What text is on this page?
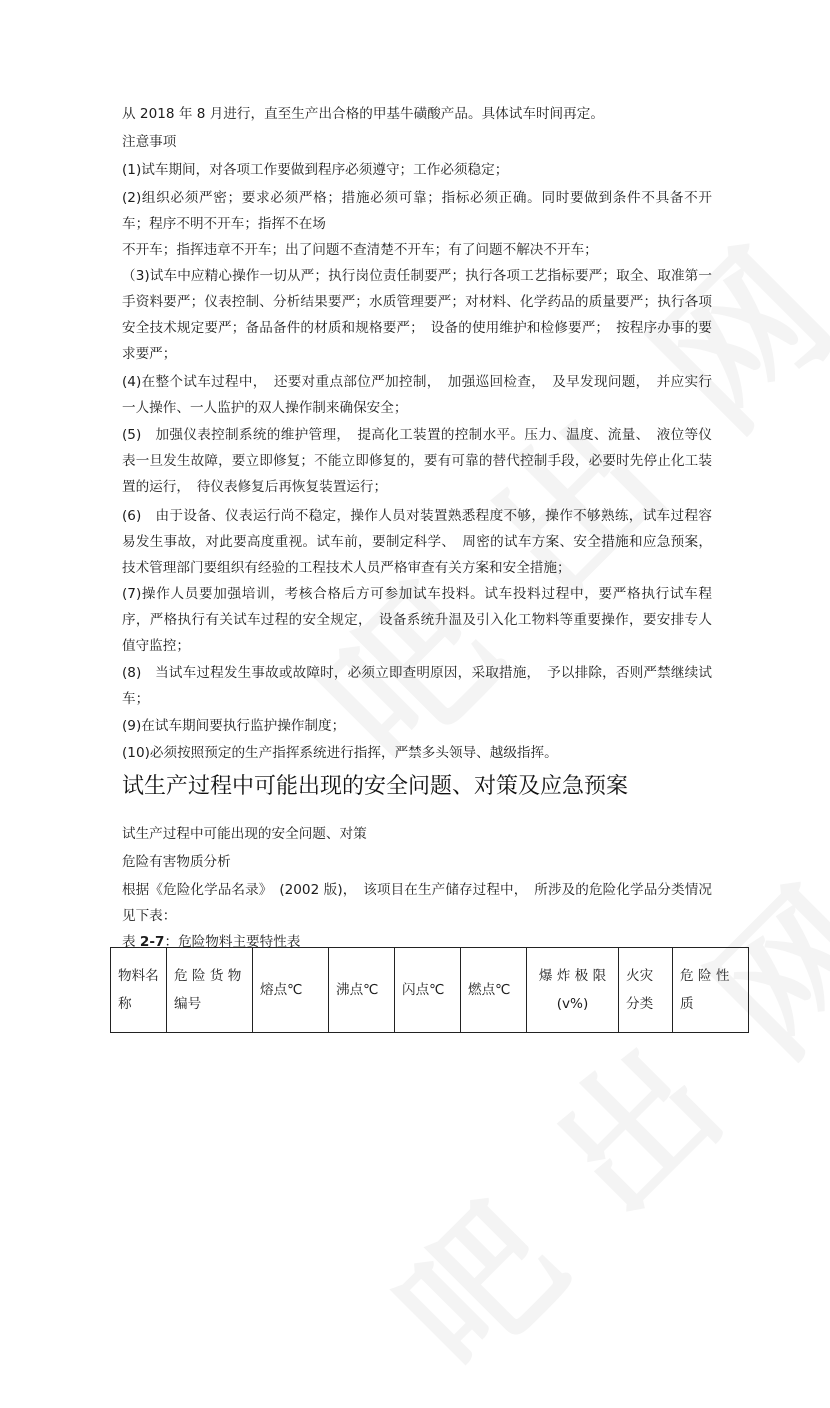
从 2018 年 8 月进行，直至生产出合格的甲基牛磺酸产品。具体试车时间再定。

注意事项

(1)试车期间，对各项工作要做到程序必须遵守；工作必须稳定；

(2)组织必须严密；要求必须严格；措施必须可靠；指标必须正确。同时要做到条件不具备不开车；程序不明不开车；指挥不在场

不开车；指挥违章不开车；出了问题不查清楚不开车；有了问题不解决不开车；

（3)试车中应精心操作一切从严；执行岗位责任制要严；执行各项工艺指标要严；取全、取准第一手资料要严；仪表控制、分析结果要严；水质管理要严；对材料、化学药品的质量要严；执行各项安全技术规定要严；备品备件的材质和规格要严；　设备的使用维护和检修要严；　按程序办事的要求要严；

(4)在整个试车过程中，　还要对重点部位严加控制，　加强巡回检查，　及早发现问题，　并应实行一人操作、一人监护的双人操作制来确保安全；

(5)　加强仪表控制系统的维护管理，　提高化工装置的控制水平。压力、温度、流量、　液位等仪表一旦发生故障，要立即修复；不能立即修复的，要有可靠的替代控制手段，必要时先停止化工装置的运行，　待仪表修复后再恢复装置运行；

(6)　由于设备、仪表运行尚不稳定，操作人员对装置熟悉程度不够，操作不够熟练，试车过程容易发生事故，对此要高度重视。试车前，要制定科学、　周密的试车方案、安全措施和应急预案，技术管理部门要组织有经验的工程技术人员严格审查有关方案和安全措施；

(7)操作人员要加强培训，考核合格后方可参加试车投料。试车投料过程中，要严格执行试车程序，严格执行有关试车过程的安全规定，　设备系统升温及引入化工物料等重要操作，要安排专人值守监控；

(8)　当试车过程发生事故或故障时，必须立即查明原因，采取措施，　予以排除，否则严禁继续试车；

(9)在试车期间要执行监护操作制度；

(10)必须按照预定的生产指挥系统进行指挥，严禁多头领导、越级指挥。

试生产过程中可能出现的安全问题、对策及应急预案

试生产过程中可能出现的安全问题、对策

危险有害物质分析

根据《危险化学品名录》　(2002 版)，　该项目在生产储存过程中，　所涉及的危险化学品分类情况见下表：

表 2-7：危险物料主要特性表

物料名称	危 险 货 物 编号	熔点℃	沸点℃	闪点℃	燃点℃	爆 炸 极 限 (v%)	火灾分类	危 险 性 质
